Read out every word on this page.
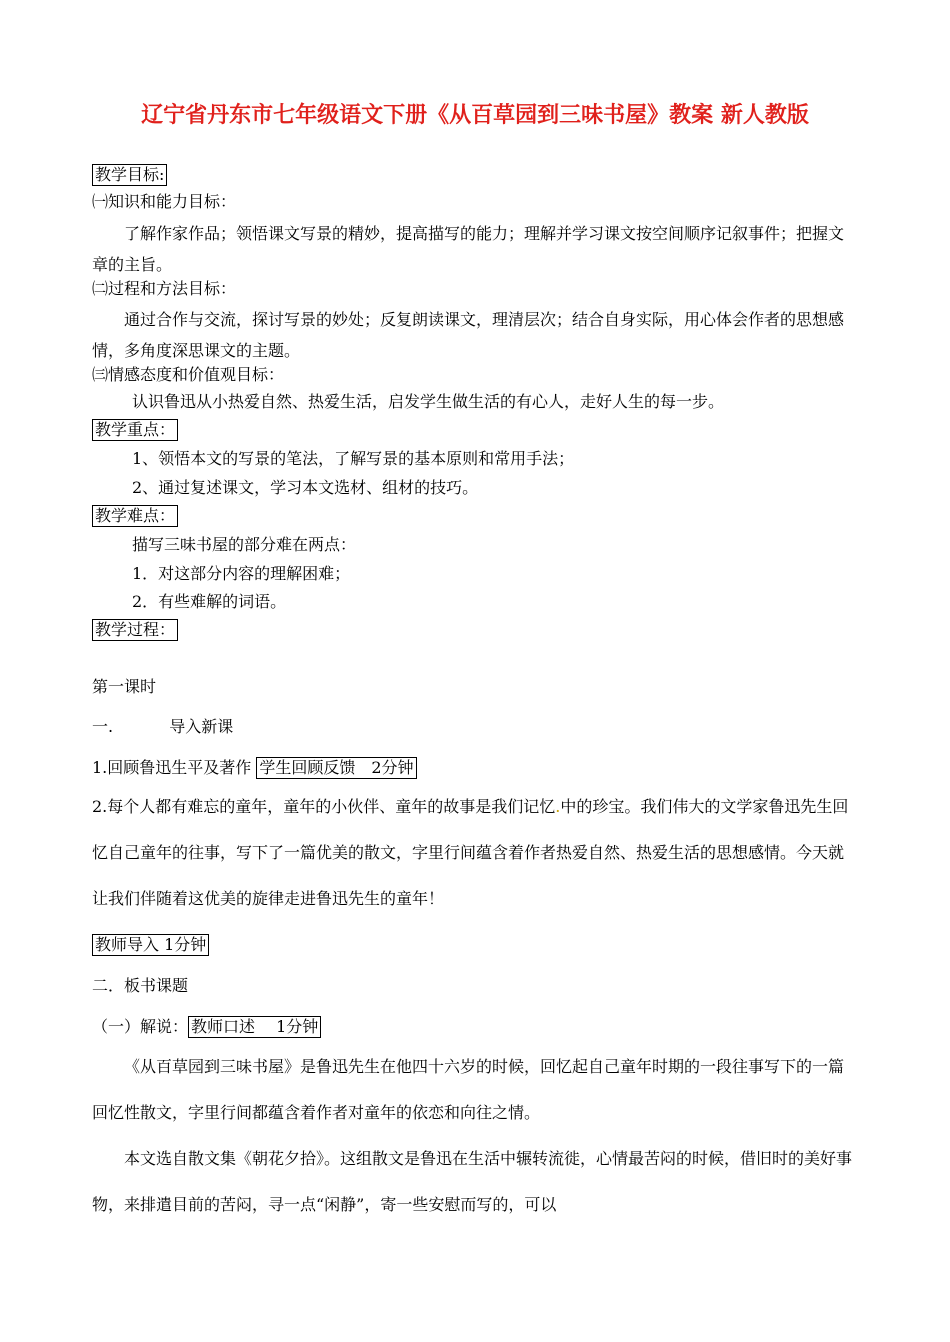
辽宁省丹东市七年级语文下册《从百草园到三味书屋》教案 新人教版
教学目标:
㈠知识和能力目标：
了解作家作品；领悟课文写景的精妙，提高描写的能力；理解并学习课文按空间顺序记叙事件；把握文章的主旨。
㈡过程和方法目标：
通过合作与交流，探讨写景的妙处；反复朗读课文，理清层次；结合自身实际，用心体会作者的思想感情，多角度深思课文的主题。
㈢情感态度和价值观目标：
认识鲁迅从小热爱自然、热爱生活，启发学生做生活的有心人，走好人生的每一步。
教学重点：
1、领悟本文的写景的笔法，了解写景的基本原则和常用手法；
2、通过复述课文，学习本文选材、组材的技巧。
教学难点：
描写三味书屋的部分难在两点：
1．对这部分内容的理解困难；
2．有些难解的词语。
教学过程：
第一课时
一.	导入新课
1.回顾鲁迅生平及著作 学生回顾反馈　2分钟
2.每个人都有难忘的童年，童年的小伙伴、童年的故事是我们记忆.中的珍宝。我们伟大的文学家鲁迅先生回忆自己童年的往事，写下了一篇优美的散文，字里行间蕴含着作者热爱自然、热爱生活的思想感情。今天就让我们伴随着这优美的旋律走进鲁迅先生的童年！
教师导入 1分钟
二．板书课题
（一）解说： 教师口述　 1分钟
《从百草园到三味书屋》是鲁迅先生在他四十六岁的时候，回忆起自己童年时期的一段往事写下的一篇回忆性散文，字里行间都蕴含着作者对童年的依恋和向往之情。
本文选自散文集《朝花夕拾》。这组散文是鲁迅在生活中辗转流徙，心情最苦闷的时候，借旧时的美好事物，来排遣目前的苦闷，寻一点“闲静”，寄一些安慰而写的，可以
